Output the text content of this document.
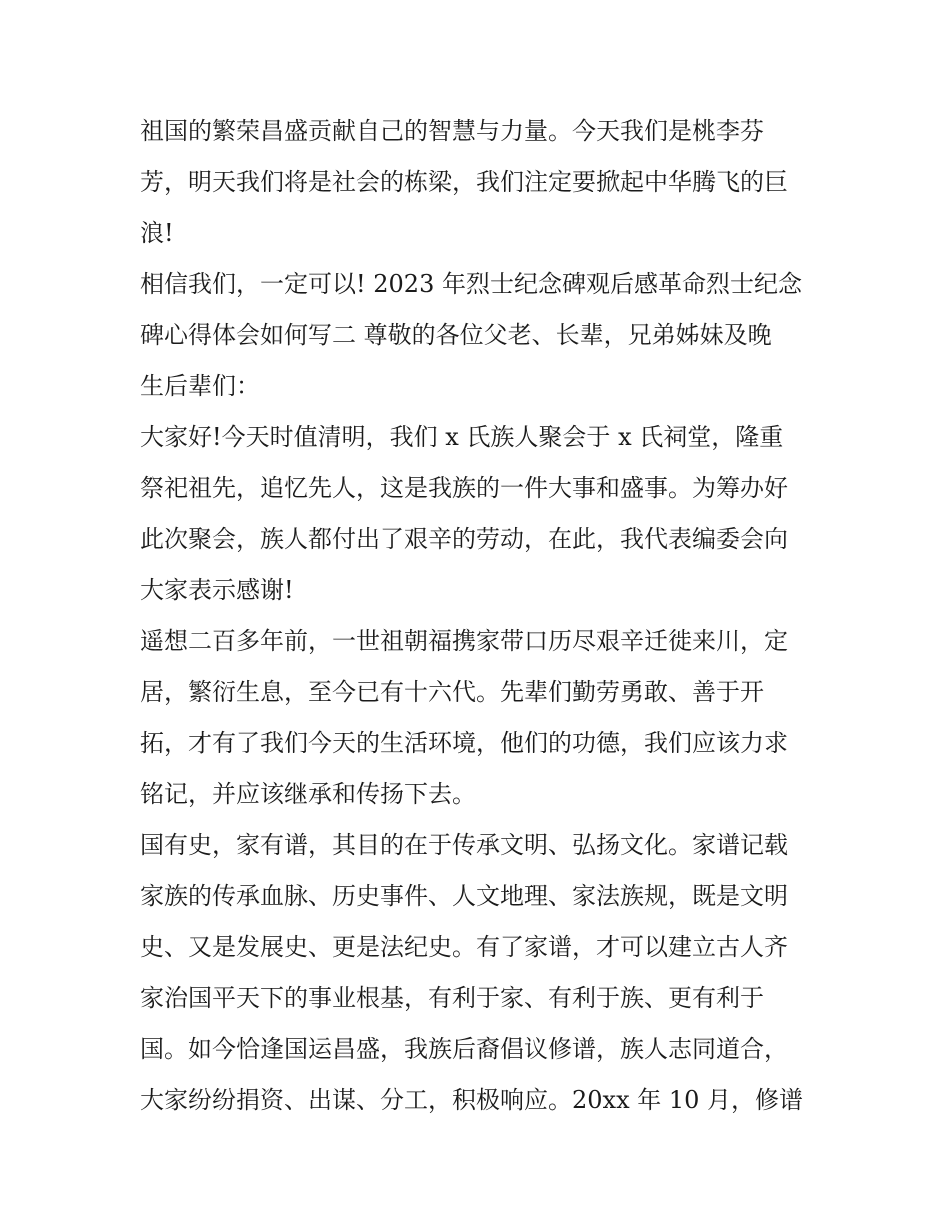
祖国的繁荣昌盛贡献自己的智慧与力量。今天我们是桃李芬
芳，明天我们将是社会的栋梁，我们注定要掀起中华腾飞的巨
浪!

相信我们，一定可以! 2023 年烈士纪念碑观后感革命烈士纪念
碑心得体会如何写二 尊敬的各位父老、长辈，兄弟姊妹及晚
生后辈们：

大家好!今天时值清明，我们 x 氏族人聚会于 x 氏祠堂，隆重
祭祀祖先，追忆先人，这是我族的一件大事和盛事。为筹办好
此次聚会，族人都付出了艰辛的劳动，在此，我代表编委会向
大家表示感谢!

遥想二百多年前，一世祖朝福携家带口历尽艰辛迁徙来川，定
居，繁衍生息，至今已有十六代。先辈们勤劳勇敢、善于开
拓，才有了我们今天的生活环境，他们的功德，我们应该力求
铭记，并应该继承和传扬下去。

国有史，家有谱，其目的在于传承文明、弘扬文化。家谱记载
家族的传承血脉、历史事件、人文地理、家法族规，既是文明
史、又是发展史、更是法纪史。有了家谱，才可以建立古人齐
家治国平天下的事业根基，有利于家、有利于族、更有利于
国。如今恰逢国运昌盛，我族后裔倡议修谱，族人志同道合，
大家纷纷捐资、出谋、分工，积极响应。20xx 年 10 月，修谱
